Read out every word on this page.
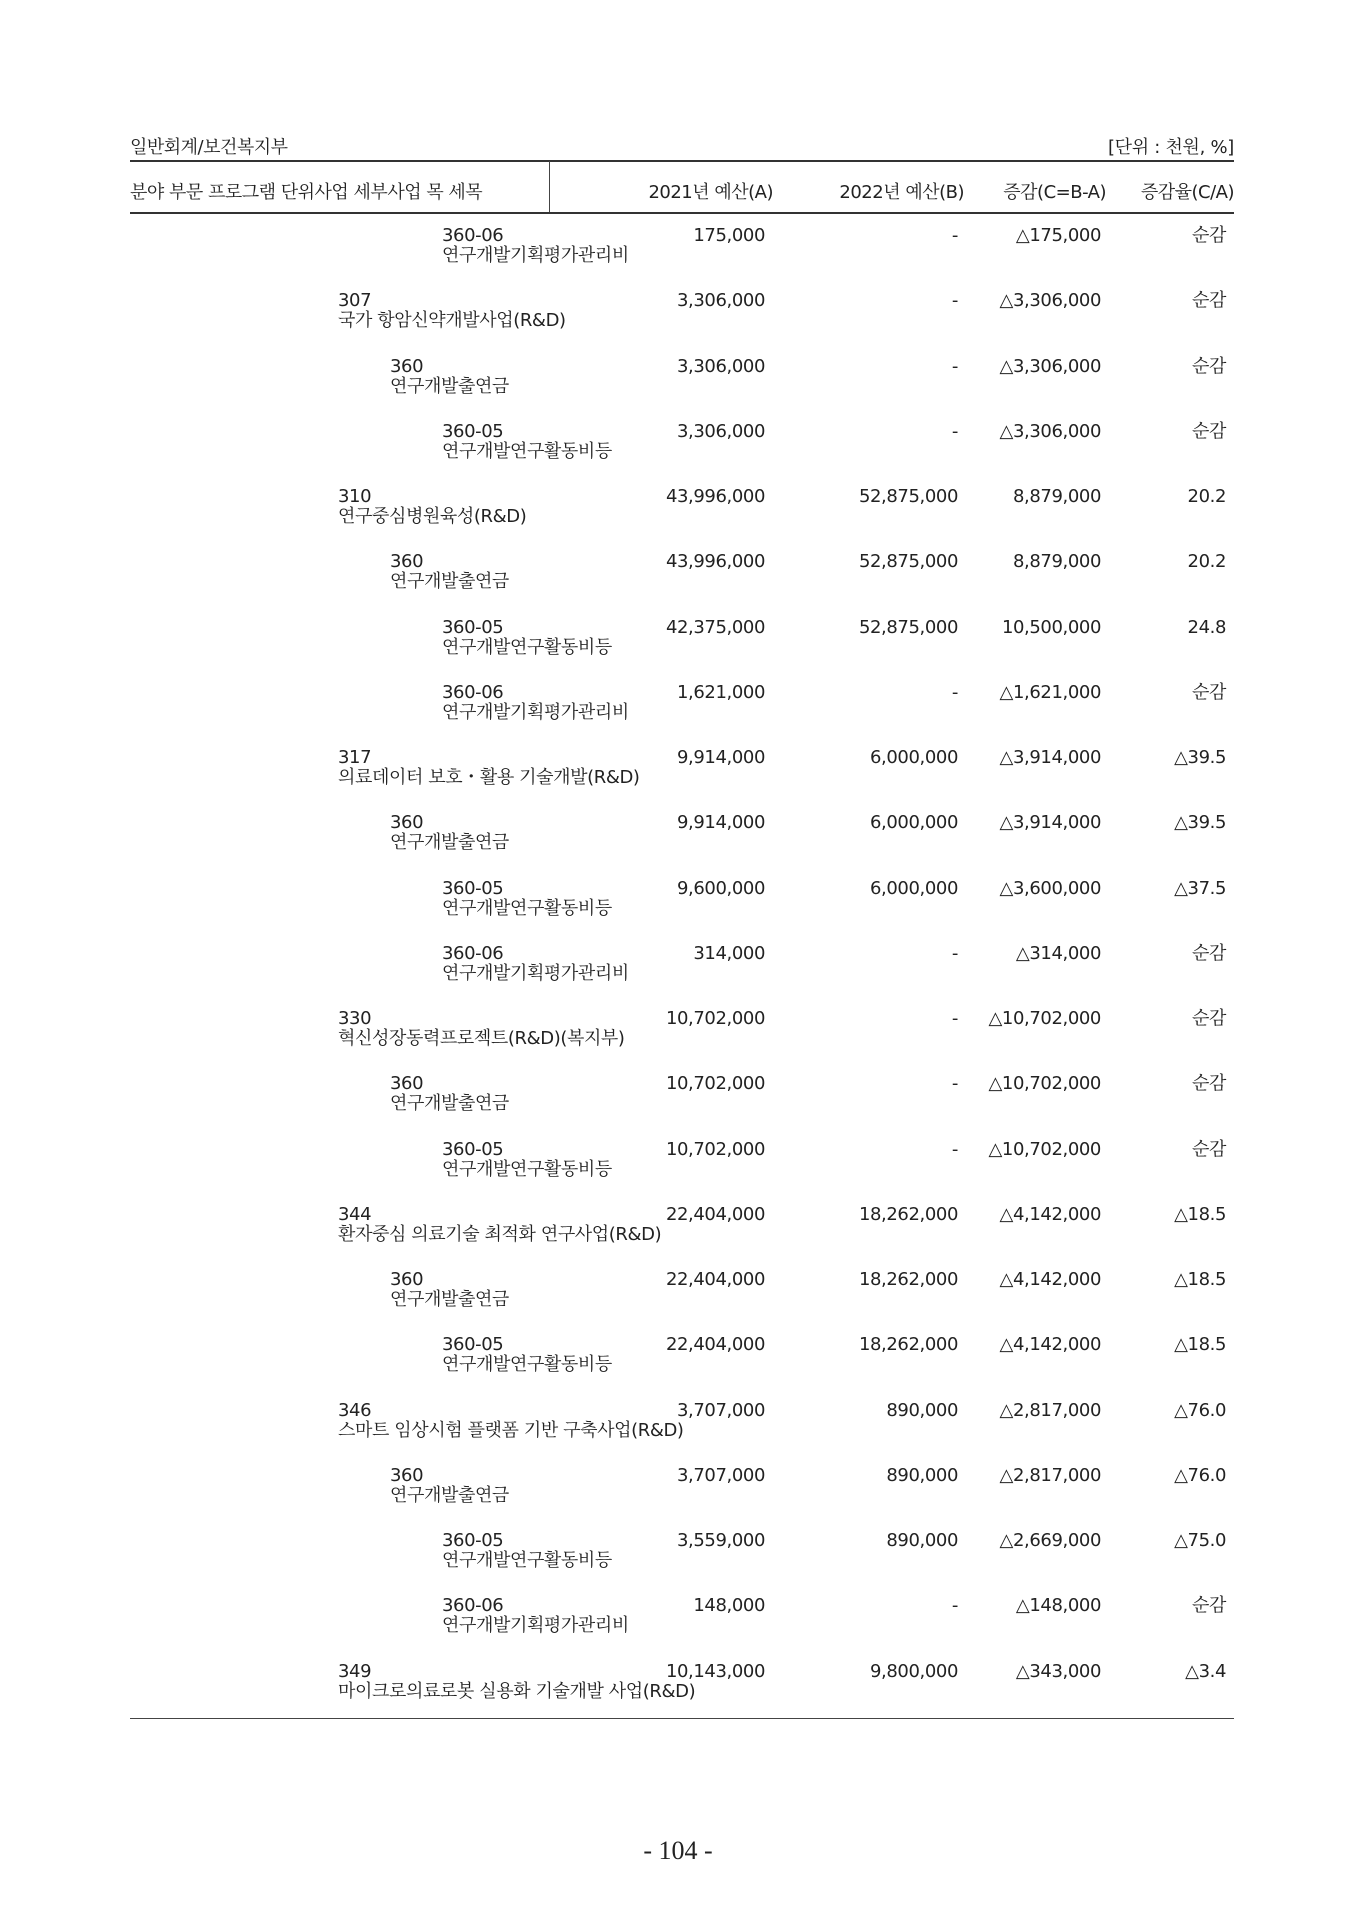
일반회계/보건복지부	[단위 : 천원, %]
분야 부문 프로그램 단위사업 세부사업 목 세목	2021년 예산(A)	2022년 예산(B) 증감(C=B-A) 증감율(C/A)
360-06
연구개발기획평가관리비
175,000	-	△175,000	순감
307
국가 항암신약개발사업(R&D)
3,306,000	- △3,306,000	순감
360
연구개발출연금
3,306,000	- △3,306,000	순감
360-05
연구개발연구활동비등
3,306,000	- △3,306,000	순감
310
연구중심병원육성(R&D)
43,996,000	52,875,000	8,879,000	20.2
360
연구개발출연금
43,996,000	52,875,000	8,879,000	20.2
360-05
연구개발연구활동비등
42,375,000	52,875,000 10,500,000	24.8
360-06
연구개발기획평가관리비
1,621,000	- △1,621,000	순감
317
의료데이터 보호・활용 기술개발(R&D)
9,914,000	6,000,000 △3,914,000	△39.5
360
연구개발출연금
9,914,000	6,000,000 △3,914,000	△39.5
360-05
연구개발연구활동비등
9,600,000	6,000,000 △3,600,000	△37.5
360-06
연구개발기획평가관리비
314,000	-	△314,000	순감
330
혁신성장동력프로젝트(R&D)(복지부)
10,702,000	- △10,702,000	순감
360
연구개발출연금
10,702,000	- △10,702,000	순감
360-05
연구개발연구활동비등
10,702,000	- △10,702,000	순감
344
환자중심 의료기술 최적화 연구사업(R&D)
22,404,000	18,262,000 △4,142,000	△18.5
360
연구개발출연금
22,404,000	18,262,000 △4,142,000	△18.5
360-05
연구개발연구활동비등
22,404,000	18,262,000 △4,142,000	△18.5
346
스마트 임상시험 플랫폼 기반 구축사업(R&D)
3,707,000	890,000 △2,817,000	△76.0
360
연구개발출연금
3,707,000	890,000 △2,817,000	△76.0
360-05
연구개발연구활동비등
3,559,000	890,000 △2,669,000	△75.0
360-06
연구개발기획평가관리비
148,000	-	△148,000	순감
349
마이크로의료로봇 실용화 기술개발 사업(R&D)
10,143,000	9,800,000	△343,000	△3.4
- 104 -
